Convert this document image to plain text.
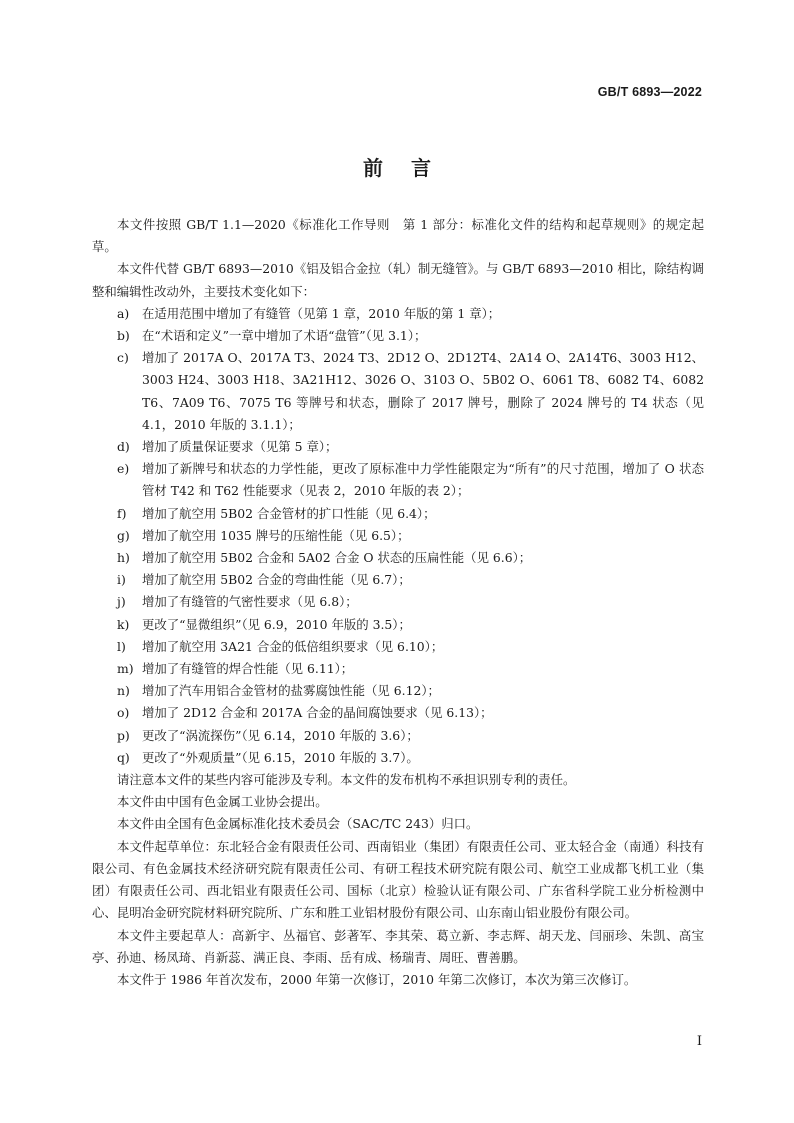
GB/T 6893—2022
前言

本文件按照 GB/T 1.1—2020《标准化工作导则　第 1 部分：标准化文件的结构和起草规则》的规定起草。

本文件代替 GB/T 6893—2010《铝及铝合金拉（轧）制无缝管》。与 GB/T 6893—2010 相比，除结构调整和编辑性改动外，主要技术变化如下：

a) 在适用范围中增加了有缝管（见第 1 章，2010 年版的第 1 章）；
b) 在“术语和定义”一章中增加了术语“盘管”（见 3.1）；
c) 增加了 2017A O、2017A T3、2024 T3、2D12 O、2D12T4、2A14 O、2A14T6、3003 H12、3003 H24、3003 H18、3A21H12、3026 O、3103 O、5B02 O、6061 T8、6082 T4、6082 T6、7A09 T6、7075 T6 等牌号和状态，删除了 2017 牌号，删除了 2024 牌号的 T4 状态（见 4.1，2010 年版的 3.1.1）；
d) 增加了质量保证要求（见第 5 章）；
e) 增加了新牌号和状态的力学性能，更改了原标准中力学性能限定为“所有”的尺寸范围，增加了 O 状态管材 T42 和 T62 性能要求（见表 2，2010 年版的表 2）；
f) 增加了航空用 5B02 合金管材的扩口性能（见 6.4）；
g) 增加了航空用 1035 牌号的压缩性能（见 6.5）；
h) 增加了航空用 5B02 合金和 5A02 合金 O 状态的压扁性能（见 6.6）；
i) 增加了航空用 5B02 合金的弯曲性能（见 6.7）；
j) 增加了有缝管的气密性要求（见 6.8）；
k) 更改了“显微组织”（见 6.9，2010 年版的 3.5）；
l) 增加了航空用 3A21 合金的低倍组织要求（见 6.10）；
m) 增加了有缝管的焊合性能（见 6.11）；
n) 增加了汽车用铝合金管材的盐雾腐蚀性能（见 6.12）；
o) 增加了 2D12 合金和 2017A 合金的晶间腐蚀要求（见 6.13）；
p) 更改了“涡流探伤”（见 6.14，2010 年版的 3.6）；
q) 更改了“外观质量”（见 6.15，2010 年版的 3.7）。

请注意本文件的某些内容可能涉及专利。本文件的发布机构不承担识别专利的责任。

本文件由中国有色金属工业协会提出。

本文件由全国有色金属标准化技术委员会（SAC/TC 243）归口。

本文件起草单位：东北轻合金有限责任公司、西南铝业（集团）有限责任公司、亚太轻合金（南通）科技有限公司、有色金属技术经济研究院有限责任公司、有研工程技术研究院有限公司、航空工业成都飞机工业（集团）有限责任公司、西北铝业有限责任公司、国标（北京）检验认证有限公司、广东省科学院工业分析检测中心、昆明冶金研究院材料研究院所、广东和胜工业铝材股份有限公司、山东南山铝业股份有限公司。

本文件主要起草人：高新宇、丛福官、彭著军、李其荣、葛立新、李志辉、胡天龙、闫丽珍、朱凯、高宝亭、孙迪、杨凤琦、肖新蕊、满正良、李雨、岳有成、杨瑞青、周旺、曹善鹏。

本文件于 1986 年首次发布，2000 年第一次修订，2010 年第二次修订，本次为第三次修订。

I
